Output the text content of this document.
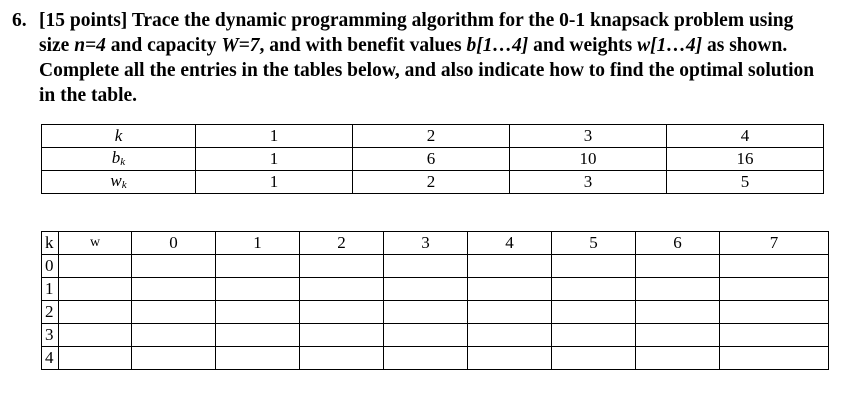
6. [15 points] Trace the dynamic programming algorithm for the 0-1 knapsack problem using
size n=4 and capacity W=7, and with benefit values b[1…4] and weights w[1…4] as shown.
Complete all the entries in the tables below, and also indicate how to find the optimal solution
in the table.
k	1	2	3	4
bk	1	6	10	16
wk	1	2	3	5
k	w	0	1	2	3	4	5	6	7
0									
1									
2									
3									
4									
